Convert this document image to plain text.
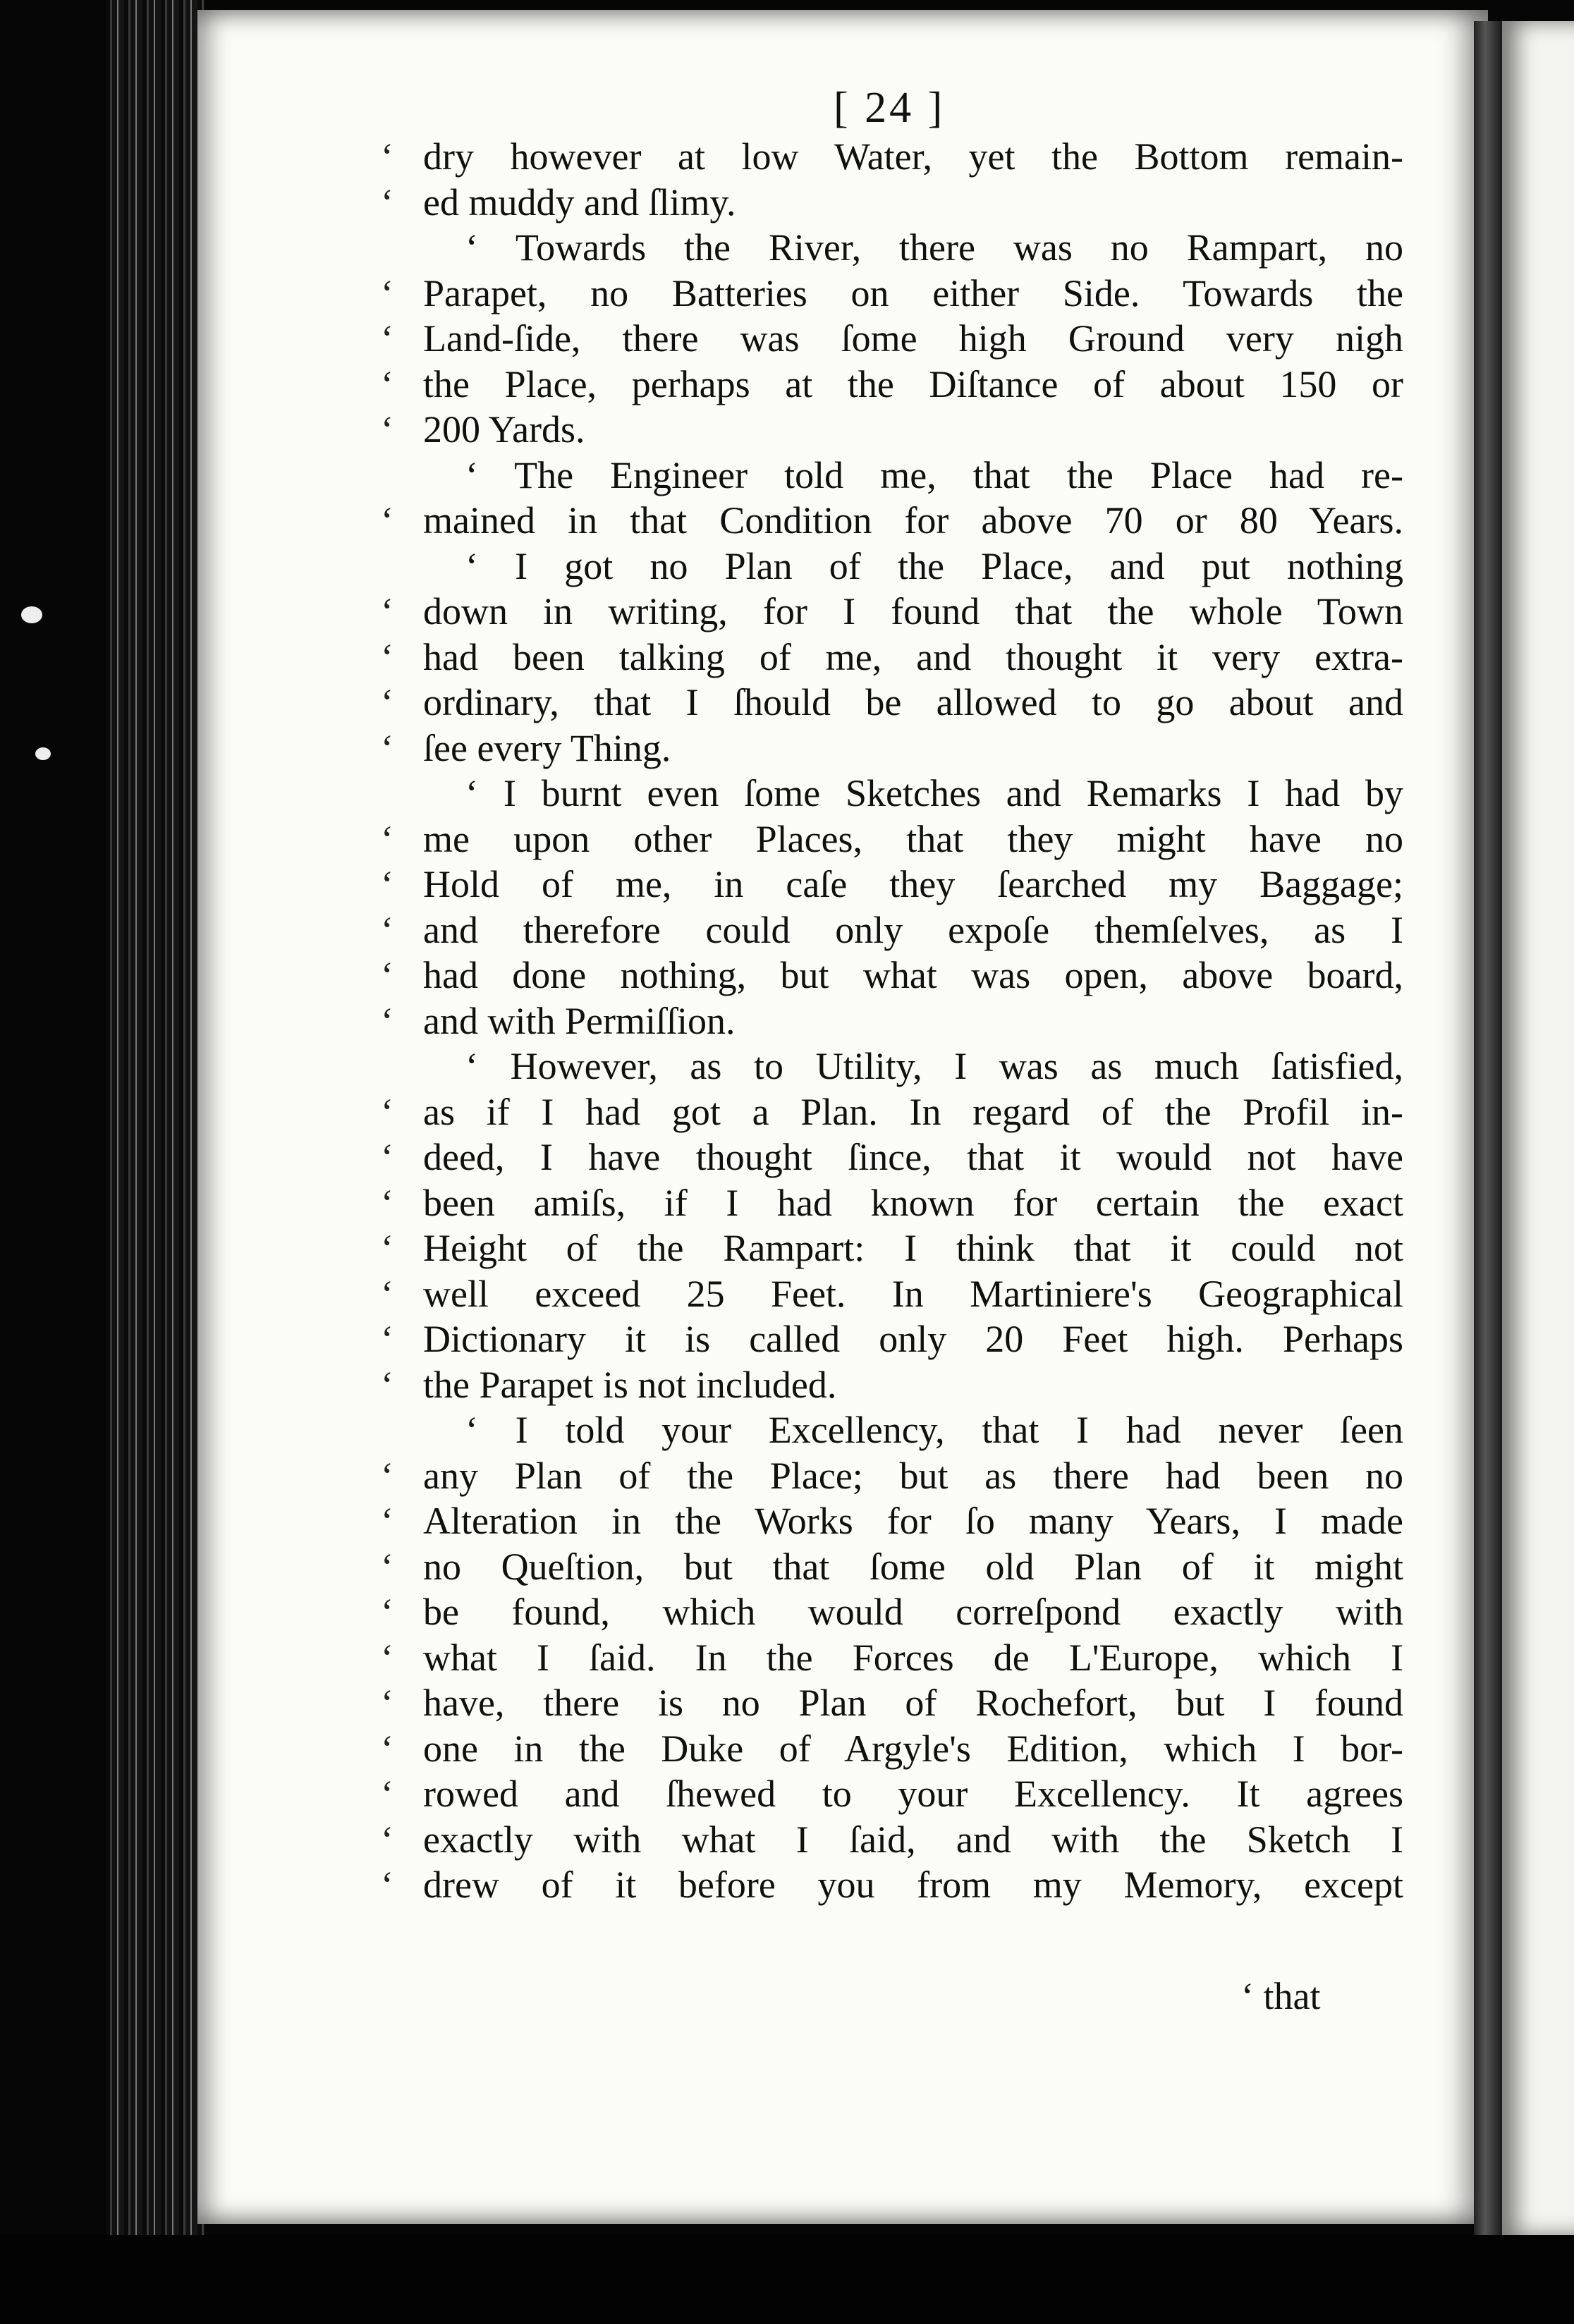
[ 24 ]
‘ dry however at low Water, yet the Bottom remain-
‘ ed muddy and ſlimy.
‘ Towards the River, there was no Rampart, no
‘ Parapet, no Batteries on either Side. Towards the
‘ Land-ſide, there was ſome high Ground very nigh
‘ the Place, perhaps at the Diſtance of about 150 or
‘ 200 Yards.
‘ The Engineer told me, that the Place had re-
‘ mained in that Condition for above 70 or 80 Years.
‘ I got no Plan of the Place, and put nothing
‘ down in writing, for I found that the whole Town
‘ had been talking of me, and thought it very extra-
‘ ordinary, that I ſhould be allowed to go about and
‘ ſee every Thing.
‘ I burnt even ſome Sketches and Remarks I had by
‘ me upon other Places, that they might have no
‘ Hold of me, in caſe they ſearched my Baggage;
‘ and therefore could only expoſe themſelves, as I
‘ had done nothing, but what was open, above board,
‘ and with Permiſſion.
‘ However, as to Utility, I was as much ſatisfied,
‘ as if I had got a Plan. In regard of the Profil in-
‘ deed, I have thought ſince, that it would not have
‘ been amiſs, if I had known for certain the exact
‘ Height of the Rampart: I think that it could not
‘ well exceed 25 Feet. In Martiniere's Geographical
‘ Dictionary it is called only 20 Feet high. Perhaps
‘ the Parapet is not included.
‘ I told your Excellency, that I had never ſeen
‘ any Plan of the Place; but as there had been no
‘ Alteration in the Works for ſo many Years, I made
‘ no Queſtion, but that ſome old Plan of it might
‘ be found, which would correſpond exactly with
‘ what I ſaid. In the Forces de L'Europe, which I
‘ have, there is no Plan of Rochefort, but I found
‘ one in the Duke of Argyle's Edition, which I bor-
‘ rowed and ſhewed to your Excellency. It agrees
‘ exactly with what I ſaid, and with the Sketch I
‘ drew of it before you from my Memory, except
‘ that
